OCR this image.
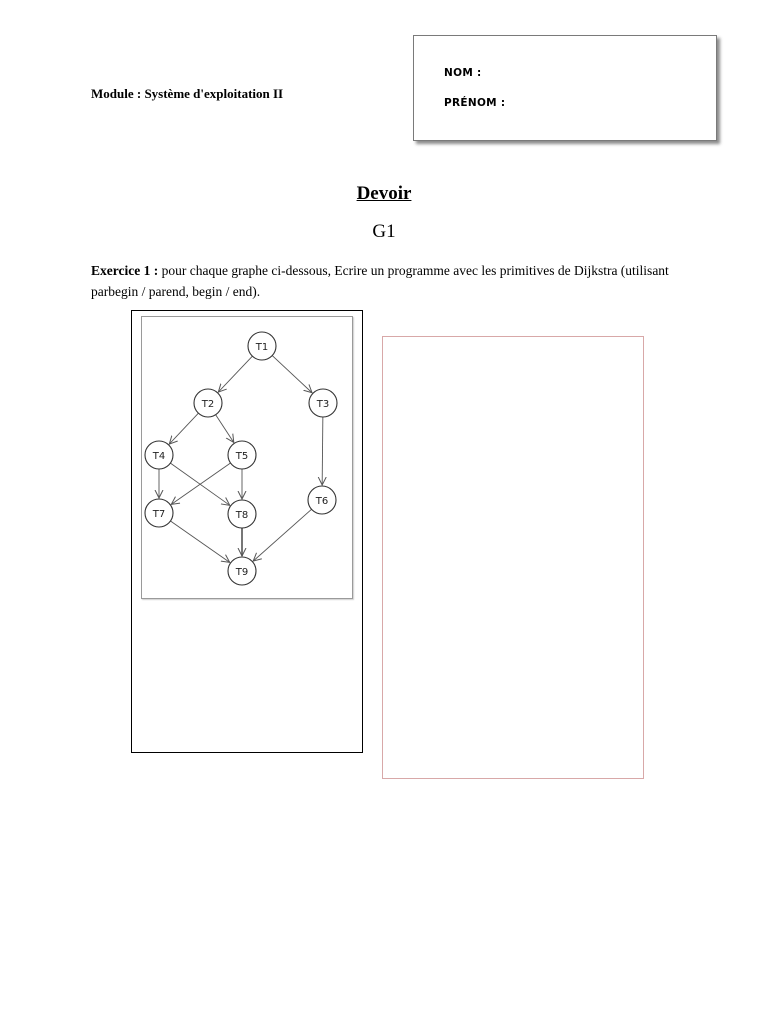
Module : Système d'exploitation II
NOM :
PRÉNOM :
Devoir
G1
Exercice 1 : pour chaque graphe ci-dessous, Ecrire un programme avec les primitives de Dijkstra (utilisant parbegin / parend, begin / end).
T1
T2	T3
T4	T5
T6
T7	T8
T9
